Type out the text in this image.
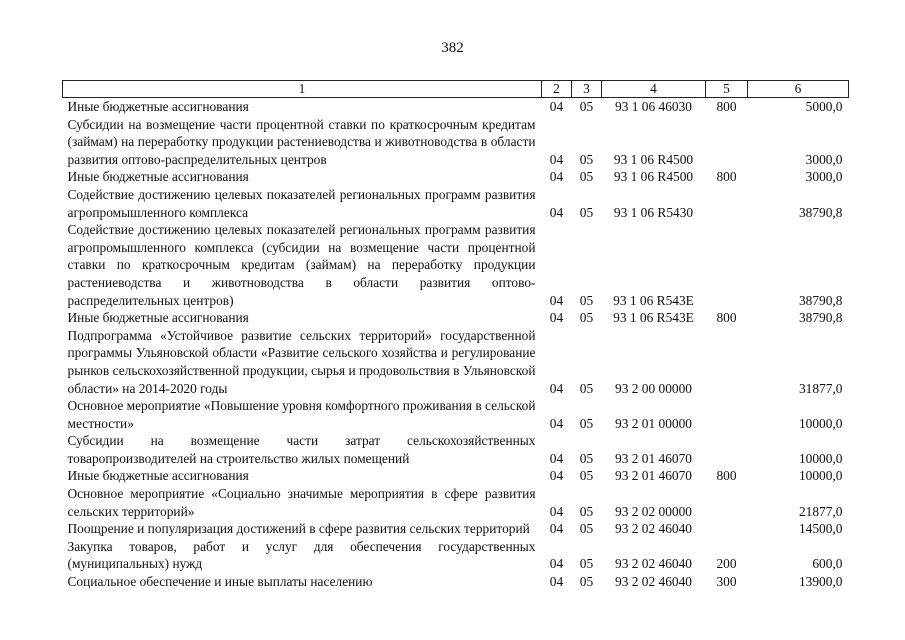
382
1	2	3	4	5	6
Иные бюджетные ассигнования	04	05	93 1 06 46030	800	5000,0
Субсидии на возмещение части процентной ставки по краткосрочным кредитам (займам) на переработку продукции растениеводства и животноводства в области развития оптово-распределительных центров	04	05	93 1 06 R4500		3000,0
Иные бюджетные ассигнования	04	05	93 1 06 R4500	800	3000,0
Содействие достижению целевых показателей региональных программ развития агропромышленного комплекса	04	05	93 1 06 R5430		38790,8
Содействие достижению целевых показателей региональных программ развития агропромышленного комплекса (субсидии на возмещение части процентной ставки по краткосрочным кредитам (займам) на переработку продукции растениеводства и животноводства в области развития оптово-распределительных центров)	04	05	93 1 06 R543E		38790,8
Иные бюджетные ассигнования	04	05	93 1 06 R543E	800	38790,8
Подпрограмма «Устойчивое развитие сельских территорий» государственной программы Ульяновской области «Развитие сельского хозяйства и регулирование рынков сельскохозяйственной продукции, сырья и продовольствия в Ульяновской области» на 2014-2020 годы	04	05	93 2 00 00000		31877,0
Основное мероприятие «Повышение уровня комфортного проживания в сельской местности»	04	05	93 2 01 00000		10000,0
Субсидии на возмещение части затрат сельскохозяйственных товаропроизводителей на строительство жилых помещений	04	05	93 2 01 46070		10000,0
Иные бюджетные ассигнования	04	05	93 2 01 46070	800	10000,0
Основное мероприятие «Социально значимые мероприятия в сфере развития сельских территорий»	04	05	93 2 02 00000		21877,0
Поощрение и популяризация достижений в сфере развития сельских территорий	04	05	93 2 02 46040		14500,0
Закупка товаров, работ и услуг для обеспечения государственных (муниципальных) нужд	04	05	93 2 02 46040	200	600,0
Социальное обеспечение и иные выплаты населению	04	05	93 2 02 46040	300	13900,0
